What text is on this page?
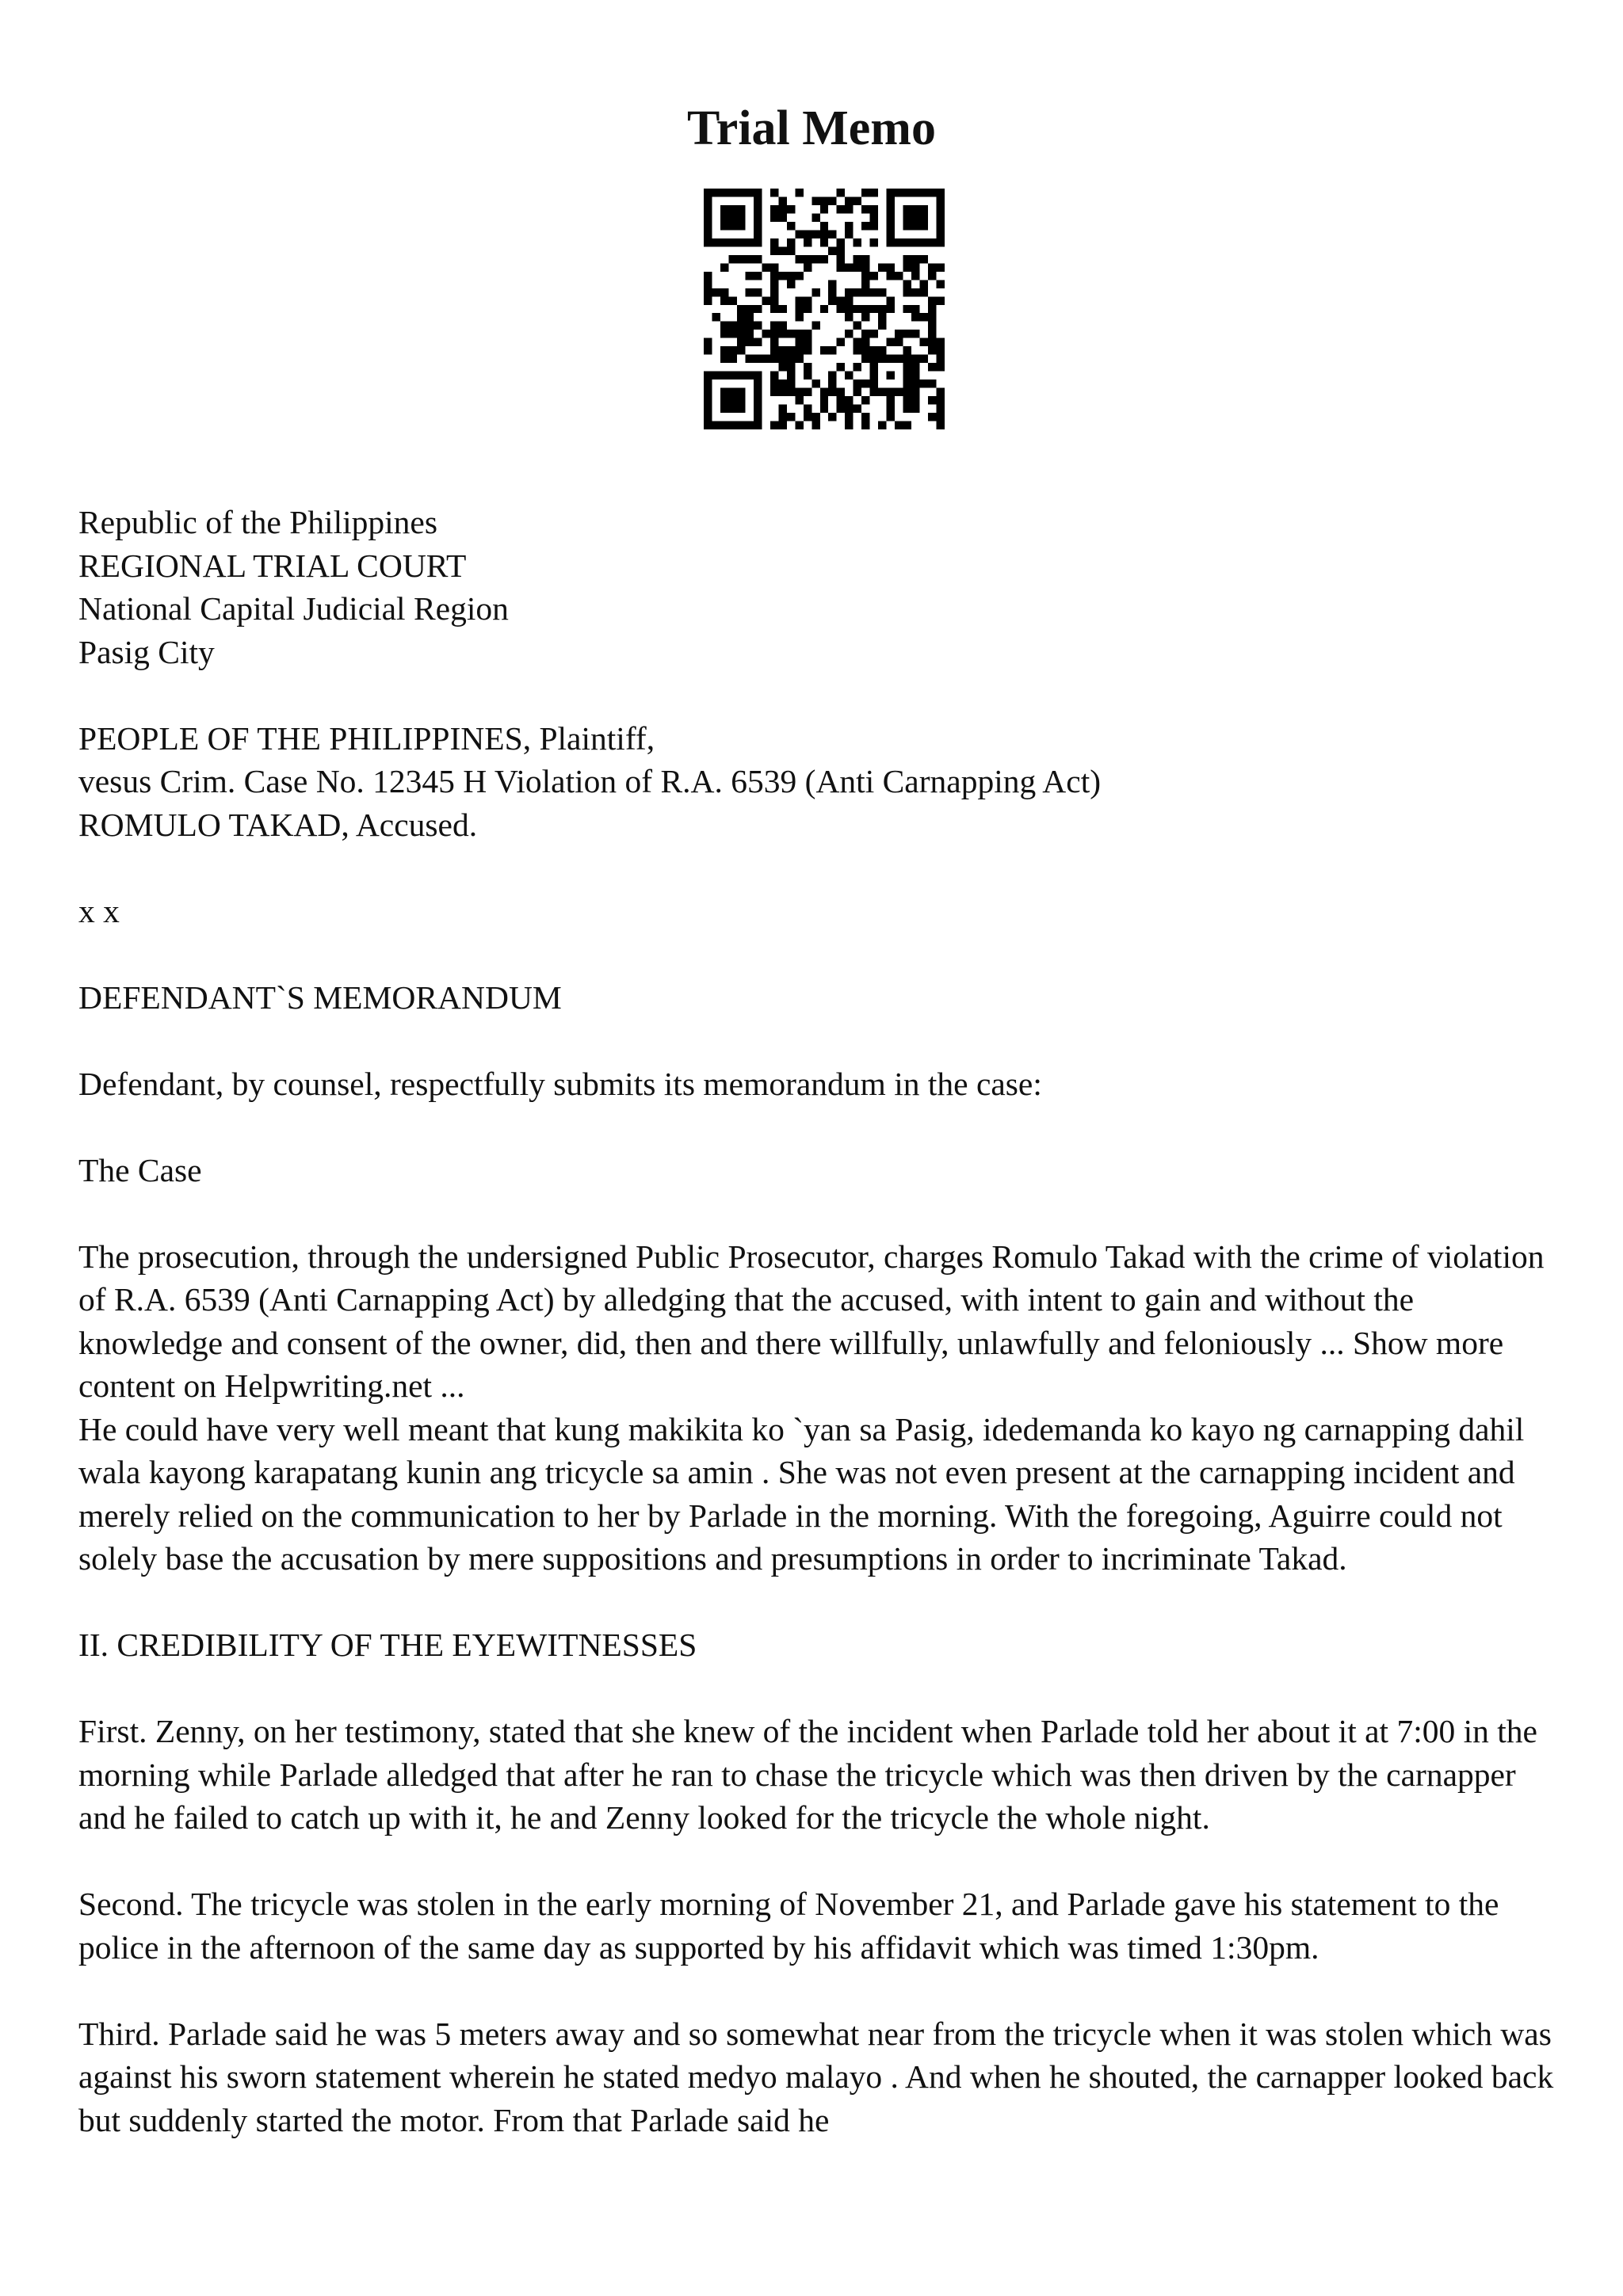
Trial Memo

Republic of the Philippines
REGIONAL TRIAL COURT
National Capital Judicial Region
Pasig City

PEOPLE OF THE PHILIPPINES, Plaintiff,
vesus Crim. Case No. 12345 H Violation of R.A. 6539 (Anti Carnapping Act)
ROMULO TAKAD, Accused.

x x

DEFENDANT`S MEMORANDUM

Defendant, by counsel, respectfully submits its memorandum in the case:

The Case

The prosecution, through the undersigned Public Prosecutor, charges Romulo Takad with the crime of violation of R.A. 6539 (Anti Carnapping Act) by alledging that the accused, with intent to gain and without the knowledge and consent of the owner, did, then and there willfully, unlawfully and feloniously ... Show more content on Helpwriting.net ...

He could have very well meant that kung makikita ko `yan sa Pasig, idedemanda ko kayo ng carnapping dahil wala kayong karapatang kunin ang tricycle sa amin . She was not even present at the carnapping incident and merely relied on the communication to her by Parlade in the morning. With the foregoing, Aguirre could not solely base the accusation by mere suppositions and presumptions in order to incriminate Takad.

II. CREDIBILITY OF THE EYEWITNESSES

First. Zenny, on her testimony, stated that she knew of the incident when Parlade told her about it at 7:00 in the morning while Parlade alledged that after he ran to chase the tricycle which was then driven by the carnapper and he failed to catch up with it, he and Zenny looked for the tricycle the whole night.

Second. The tricycle was stolen in the early morning of November 21, and Parlade gave his statement to the police in the afternoon of the same day as supported by his affidavit which was timed 1:30pm.

Third. Parlade said he was 5 meters away and so somewhat near from the tricycle when it was stolen which was against his sworn statement wherein he stated medyo malayo . And when he shouted, the carnapper looked back but suddenly started the motor. From that Parlade said he
